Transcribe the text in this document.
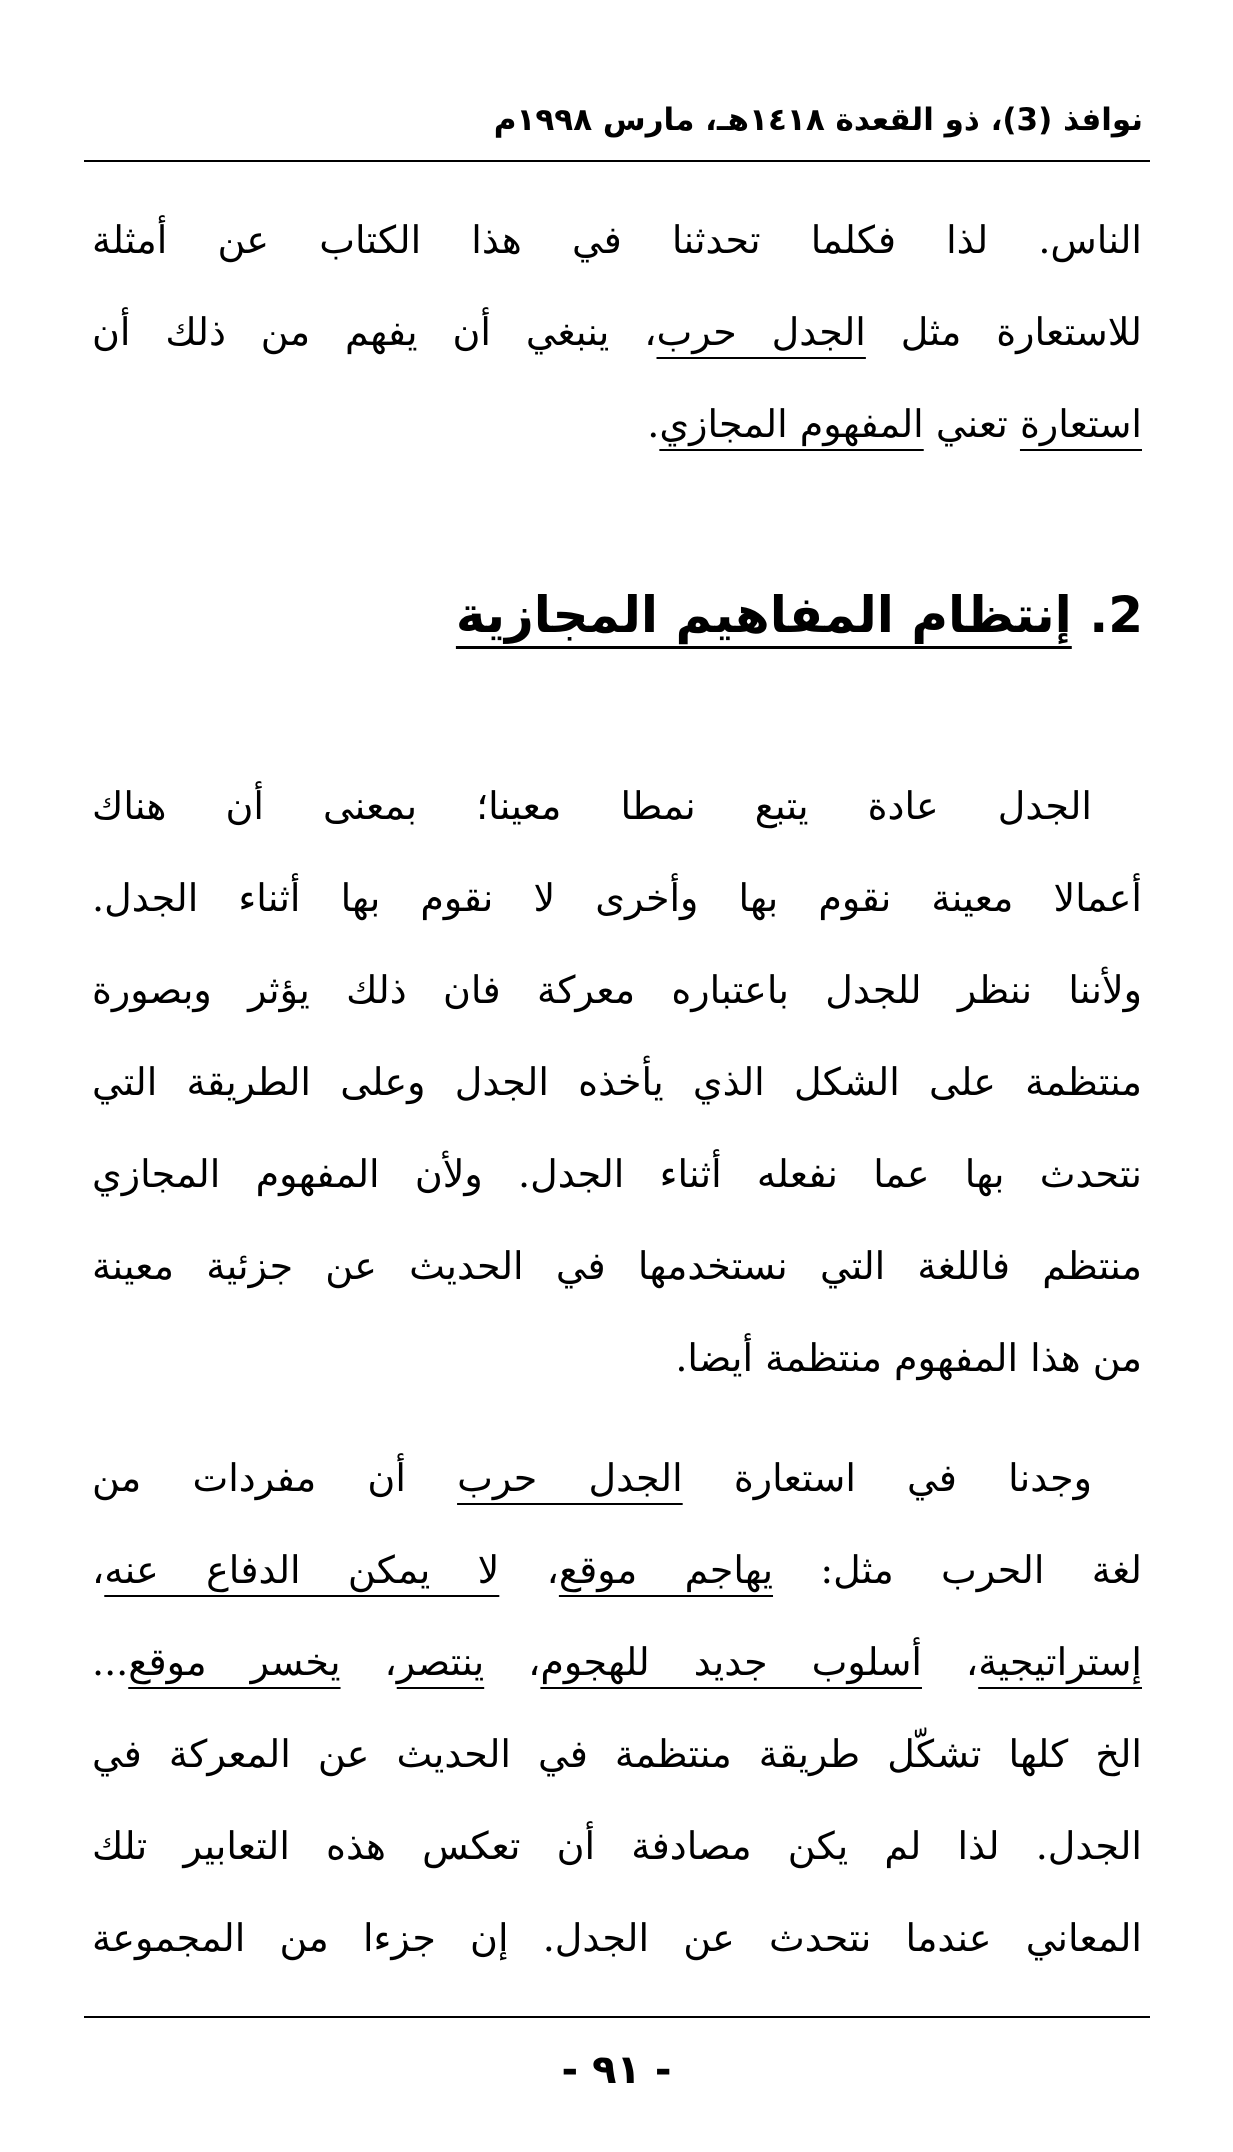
نوافذ (3)، ذو القعدة ١٤١٨هـ، مارس ١٩٩٨م
الناس. لذا فكلما تحدثنا في هذا الكتاب عن أمثلة
للاستعارة مثل الجدل حرب، ينبغي أن يفهم من ذلك أن
استعارة تعني المفهوم المجازي.
2. إنتظام المفاهيم المجازية
الجدل عادة يتبع نمطا معينا؛ بمعنى أن هناك
أعمالا معينة نقوم بها وأخرى لا نقوم بها أثناء الجدل.
ولأننا ننظر للجدل باعتباره معركة فان ذلك يؤثر وبصورة
منتظمة على الشكل الذي يأخذه الجدل وعلى الطريقة التي
نتحدث بها عما نفعله أثناء الجدل. ولأن المفهوم المجازي
منتظم فاللغة التي نستخدمها في الحديث عن جزئية معينة
من هذا المفهوم منتظمة أيضا.
وجدنا في استعارة الجدل حرب أن مفردات من
لغة الحرب مثل: يهاجم موقع، لا يمكن الدفاع عنه،
إستراتيجية، أسلوب جديد للهجوم، ينتصر، يخسر موقع...
الخ كلها تشكّل طريقة منتظمة في الحديث عن المعركة في
الجدل. لذا لم يكن مصادفة أن تعكس هذه التعابير تلك
المعاني عندما نتحدث عن الجدل. إن جزءا من المجموعة
- ٩١ -
